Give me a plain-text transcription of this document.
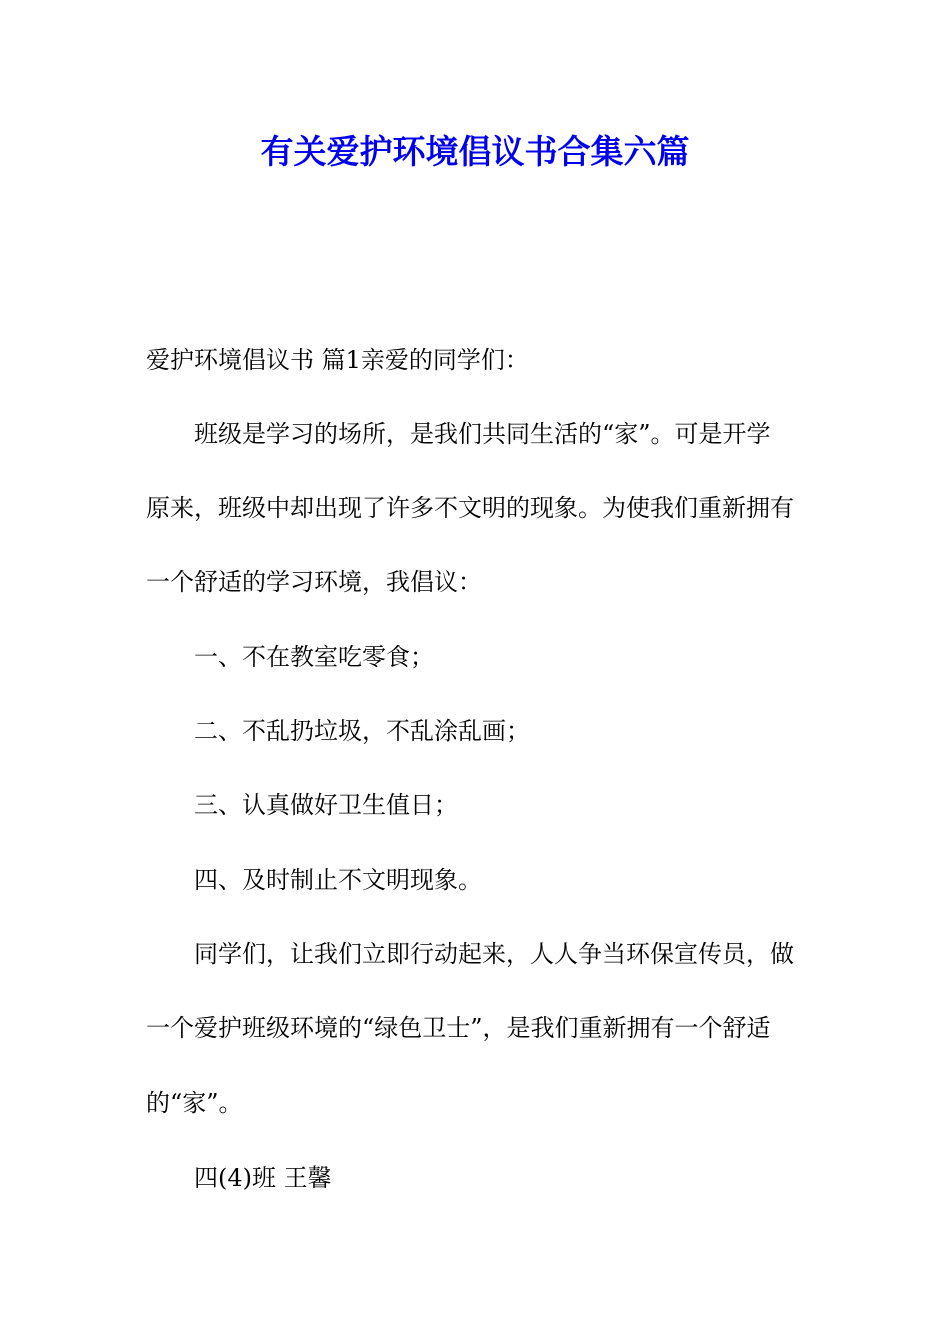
有关爱护环境倡议书合集六篇

爱护环境倡议书 篇1亲爱的同学们：

班级是学习的场所，是我们共同生活的“家”。可是开学

原来，班级中却出现了许多不文明的现象。为使我们重新拥有

一个舒适的学习环境，我倡议：

一、不在教室吃零食；

二、不乱扔垃圾，不乱涂乱画；

三、认真做好卫生值日；

四、及时制止不文明现象。

同学们，让我们立即行动起来，人人争当环保宣传员，做

一个爱护班级环境的“绿色卫士”，是我们重新拥有一个舒适

的“家”。

四(4)班 王馨
